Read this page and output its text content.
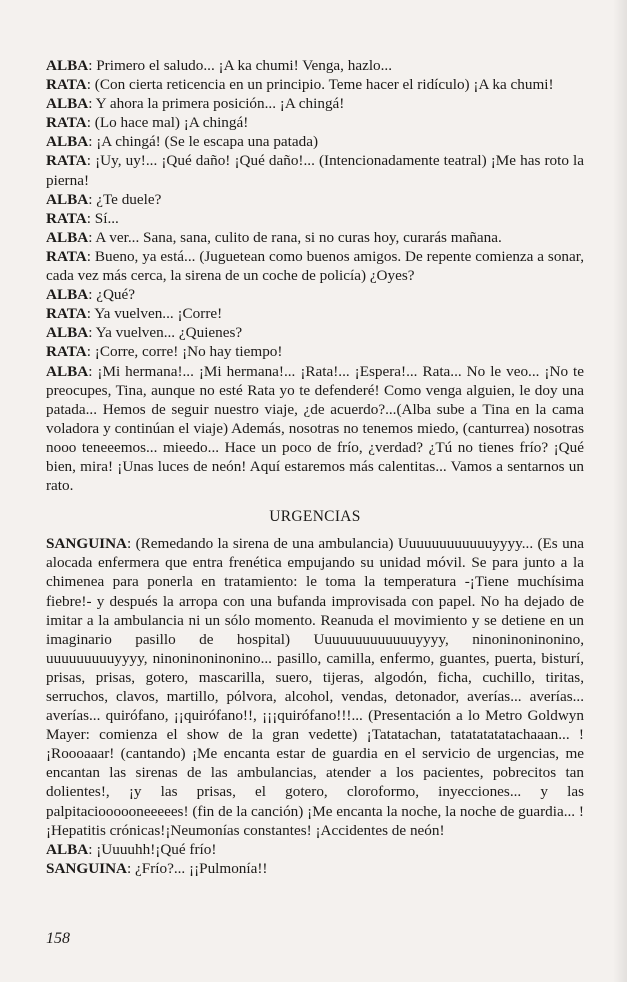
ALBA: Primero el saludo... ¡A ka chumi! Venga, hazlo...

RATA: (Con cierta reticencia en un principio. Teme hacer el ridículo) ¡A ka chumi!

ALBA: Y ahora la primera posición... ¡A chingá!

RATA: (Lo hace mal) ¡A chingá!

ALBA: ¡A chingá! (Se le escapa una patada)

RATA: ¡Uy, uy!... ¡Qué daño! ¡Qué daño!... (Intencionadamente teatral) ¡Me has roto la pierna!

ALBA: ¿Te duele?

RATA: Sí...

ALBA: A ver... Sana, sana, culito de rana, si no curas hoy, curarás mañana.

RATA: Bueno, ya está... (Juguetean como buenos amigos. De repente comienza a sonar, cada vez más cerca, la sirena de un coche de policía) ¿Oyes?

ALBA: ¿Qué?

RATA: Ya vuelven... ¡Corre!

ALBA: Ya vuelven... ¿Quienes?

RATA: ¡Corre, corre! ¡No hay tiempo!

ALBA: ¡Mi hermana!... ¡Mi hermana!... ¡Rata!... ¡Espera!... Rata... No le veo... ¡No te preocupes, Tina, aunque no esté Rata yo te defenderé! Como venga alguien, le doy una patada... Hemos de seguir nuestro viaje, ¿de acuerdo?...(Alba sube a Tina en la cama voladora y continúan el viaje) Además, nosotras no tenemos miedo, (canturrea) nosotras nooo teneeemos... mieedo... Hace un poco de frío, ¿verdad? ¿Tú no tienes frío? ¡Qué bien, mira! ¡Unas luces de neón! Aquí estaremos más calentitas... Vamos a sentarnos un rato.

URGENCIAS

SANGUINA: (Remedando la sirena de una ambulancia) Uuuuuuuuuuuuyyyy... (Es una alocada enfermera que entra frenética empujando su unidad móvil. Se para junto a la chimenea para ponerla en tratamiento: le toma la temperatura -¡Tiene muchísima fiebre!- y después la arropa con una bufanda improvisada con papel. No ha dejado de imitar a la ambulancia ni un sólo momento. Reanuda el movimiento y se detiene en un imaginario pasillo de hospital) Uuuuuuuuuuuuuyyyy, ninoninoninonino, uuuuuuuuuyyyy, ninoninoninonino... pasillo, camilla, enfermo, guantes, puerta, bisturí, prisas, prisas, gotero, mascarilla, suero, tijeras, algodón, ficha, cuchillo, tiritas, serruchos, clavos, martillo, pólvora, alcohol, vendas, detonador, averías... averías... averías... quirófano, ¡¡quirófano!!, ¡¡¡quirófano!!!... (Presentación a lo Metro Goldwyn Mayer: comienza el show de la gran vedette) ¡Tatatachan, tatatatatatachaaan... ! ¡Roooaaar! (cantando) ¡Me encanta estar de guardia en el servicio de urgencias, me encantan las sirenas de las ambulancias, atender a los pacientes, pobrecitos tan dolientes!, ¡y las prisas, el gotero, cloroformo, inyecciones... y las palpitacioooooneeeees! (fin de la canción) ¡Me encanta la noche, la noche de guardia... ! ¡Hepatitis crónicas!¡Neumonías constantes! ¡Accidentes de neón!

ALBA: ¡Uuuuhh!¡Qué frío!

SANGUINA: ¿Frío?... ¡¡Pulmonía!!

158
